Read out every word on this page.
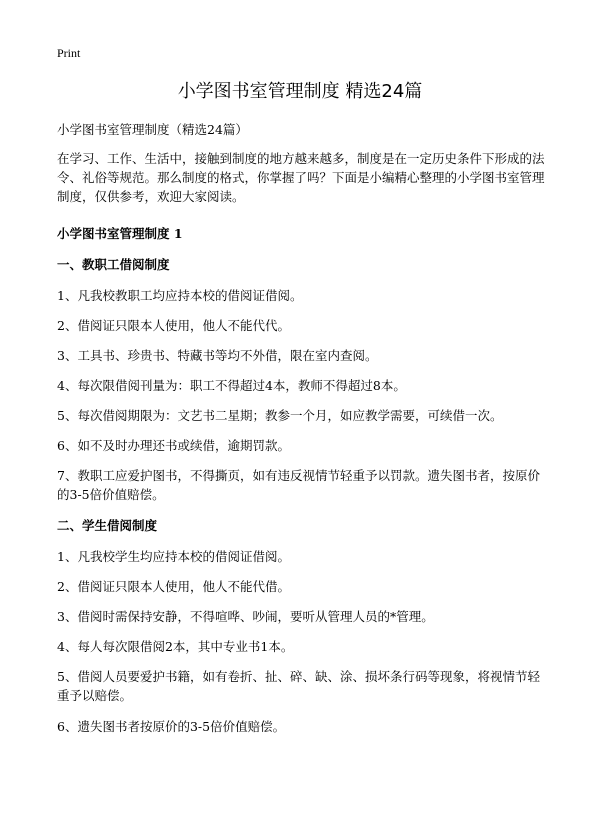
Print
小学图书室管理制度 精选24篇

小学图书室管理制度（精选24篇）

在学习、工作、生活中，接触到制度的地方越来越多，制度是在一定历史条件下形成的法令、礼俗等规范。那么制度的格式，你掌握了吗？下面是小编精心整理的小学图书室管理制度，仅供参考，欢迎大家阅读。

小学图书室管理制度 1
一、教职工借阅制度

1、凡我校教职工均应持本校的借阅证借阅。

2、借阅证只限本人使用，他人不能代代。

3、工具书、珍贵书、特藏书等均不外借，限在室内查阅。

4、每次限借阅刊量为：职工不得超过4本，教师不得超过8本。

5、每次借阅期限为：文艺书二星期；教参一个月，如应教学需要，可续借一次。

6、如不及时办理还书或续借，逾期罚款。

7、教职工应爱护图书，不得撕页，如有违反视情节轻重予以罚款。遗失图书者，按原价的3-5倍价值赔偿。

二、学生借阅制度

1、凡我校学生均应持本校的借阅证借阅。

2、借阅证只限本人使用，他人不能代借。

3、借阅时需保持安静，不得喧哗、吵闹，要听从管理人员的*管理。

4、每人每次限借阅2本，其中专业书1本。

5、借阅人员要爱护书籍，如有卷折、扯、碎、缺、涂、损坏条行码等现象，将视情节轻重予以赔偿。

6、遗失图书者按原价的3-5倍价值赔偿。
